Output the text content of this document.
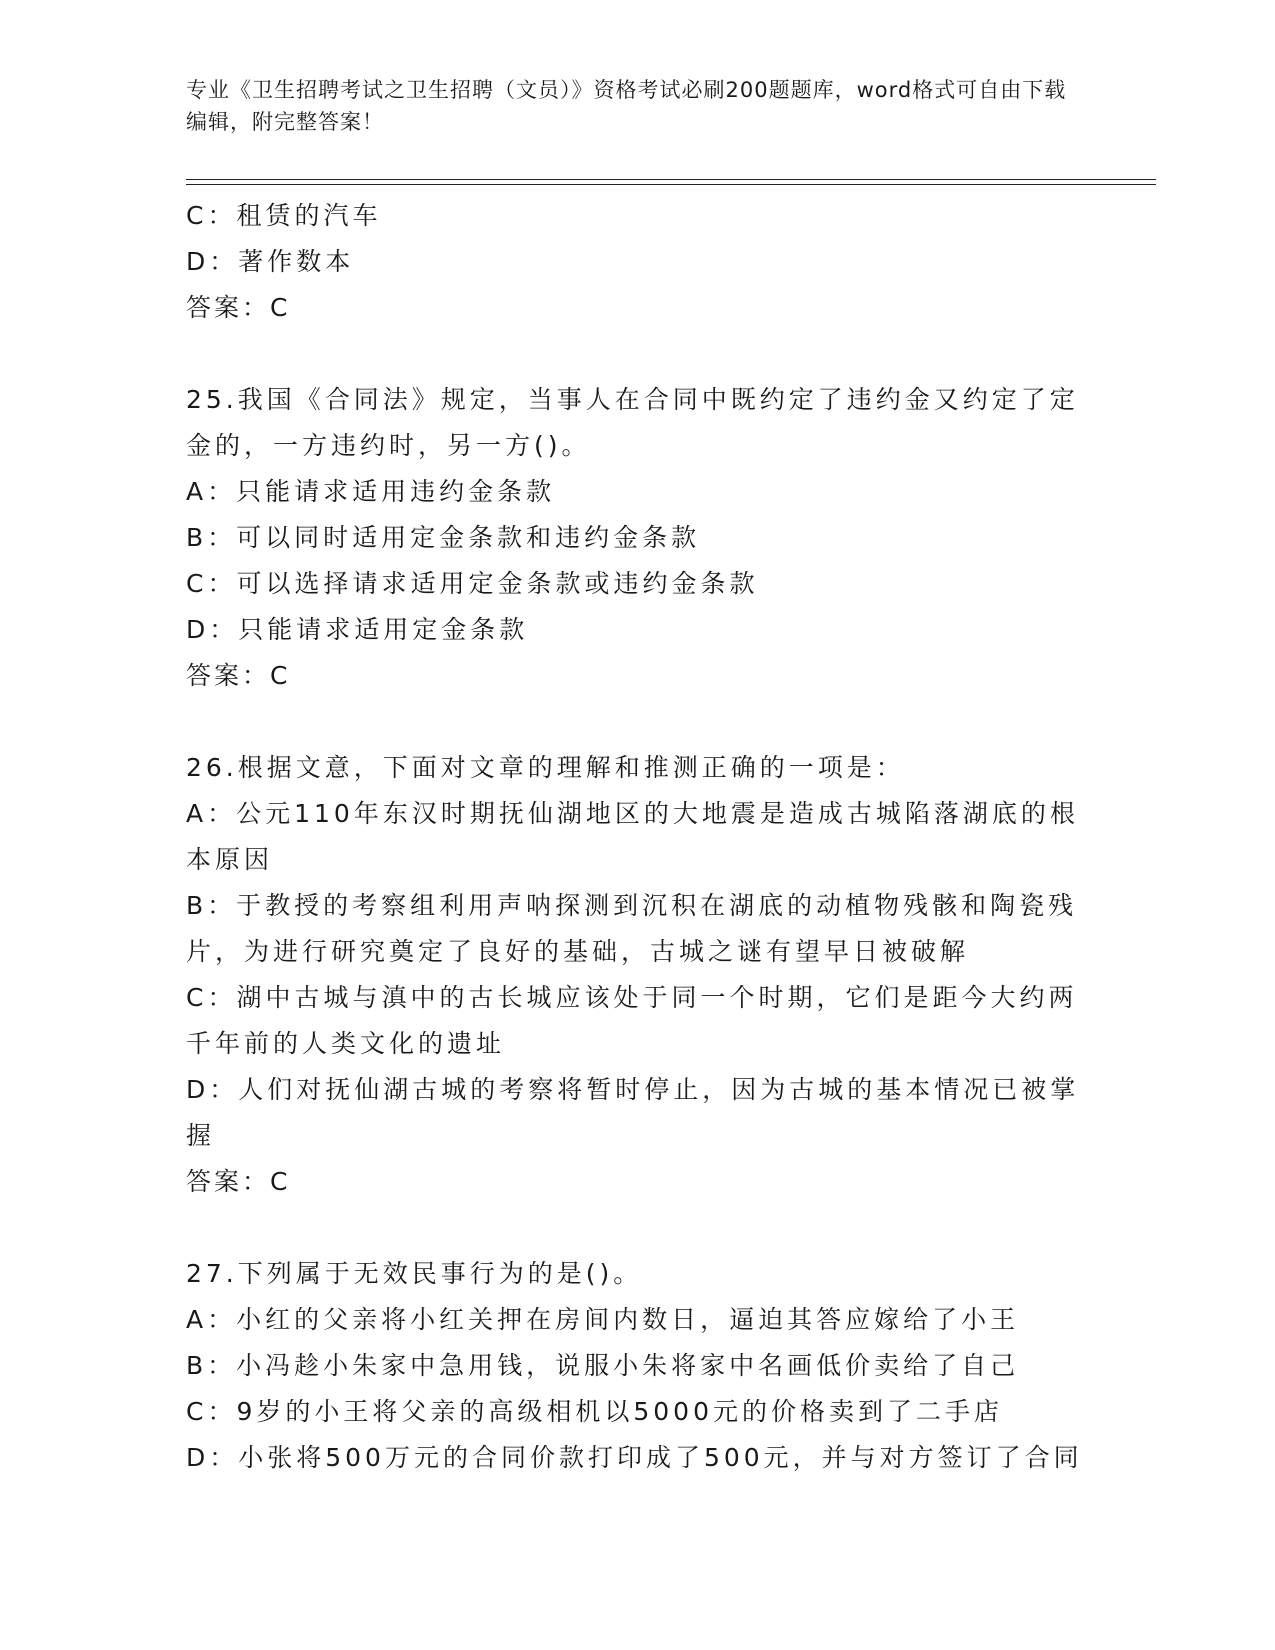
专业《卫生招聘考试之卫生招聘（文员）》资格考试必刷200题题库，word格式可自由下载编辑，附完整答案！
C：租赁的汽车
D：著作数本
答案：C
25.我国《合同法》规定，当事人在合同中既约定了违约金又约定了定
金的，一方违约时，另一方()。
A：只能请求适用违约金条款
B：可以同时适用定金条款和违约金条款
C：可以选择请求适用定金条款或违约金条款
D：只能请求适用定金条款
答案：C
26.根据文意，下面对文章的理解和推测正确的一项是：
A：公元110年东汉时期抚仙湖地区的大地震是造成古城陷落湖底的根
本原因
B：于教授的考察组利用声呐探测到沉积在湖底的动植物残骸和陶瓷残
片，为进行研究奠定了良好的基础，古城之谜有望早日被破解
C：湖中古城与滇中的古长城应该处于同一个时期，它们是距今大约两
千年前的人类文化的遗址
D：人们对抚仙湖古城的考察将暂时停止，因为古城的基本情况已被掌
握
答案：C
27.下列属于无效民事行为的是()。
A：小红的父亲将小红关押在房间内数日，逼迫其答应嫁给了小王
B：小冯趁小朱家中急用钱，说服小朱将家中名画低价卖给了自己
C：9岁的小王将父亲的高级相机以5000元的价格卖到了二手店
D：小张将500万元的合同价款打印成了500元，并与对方签订了合同
